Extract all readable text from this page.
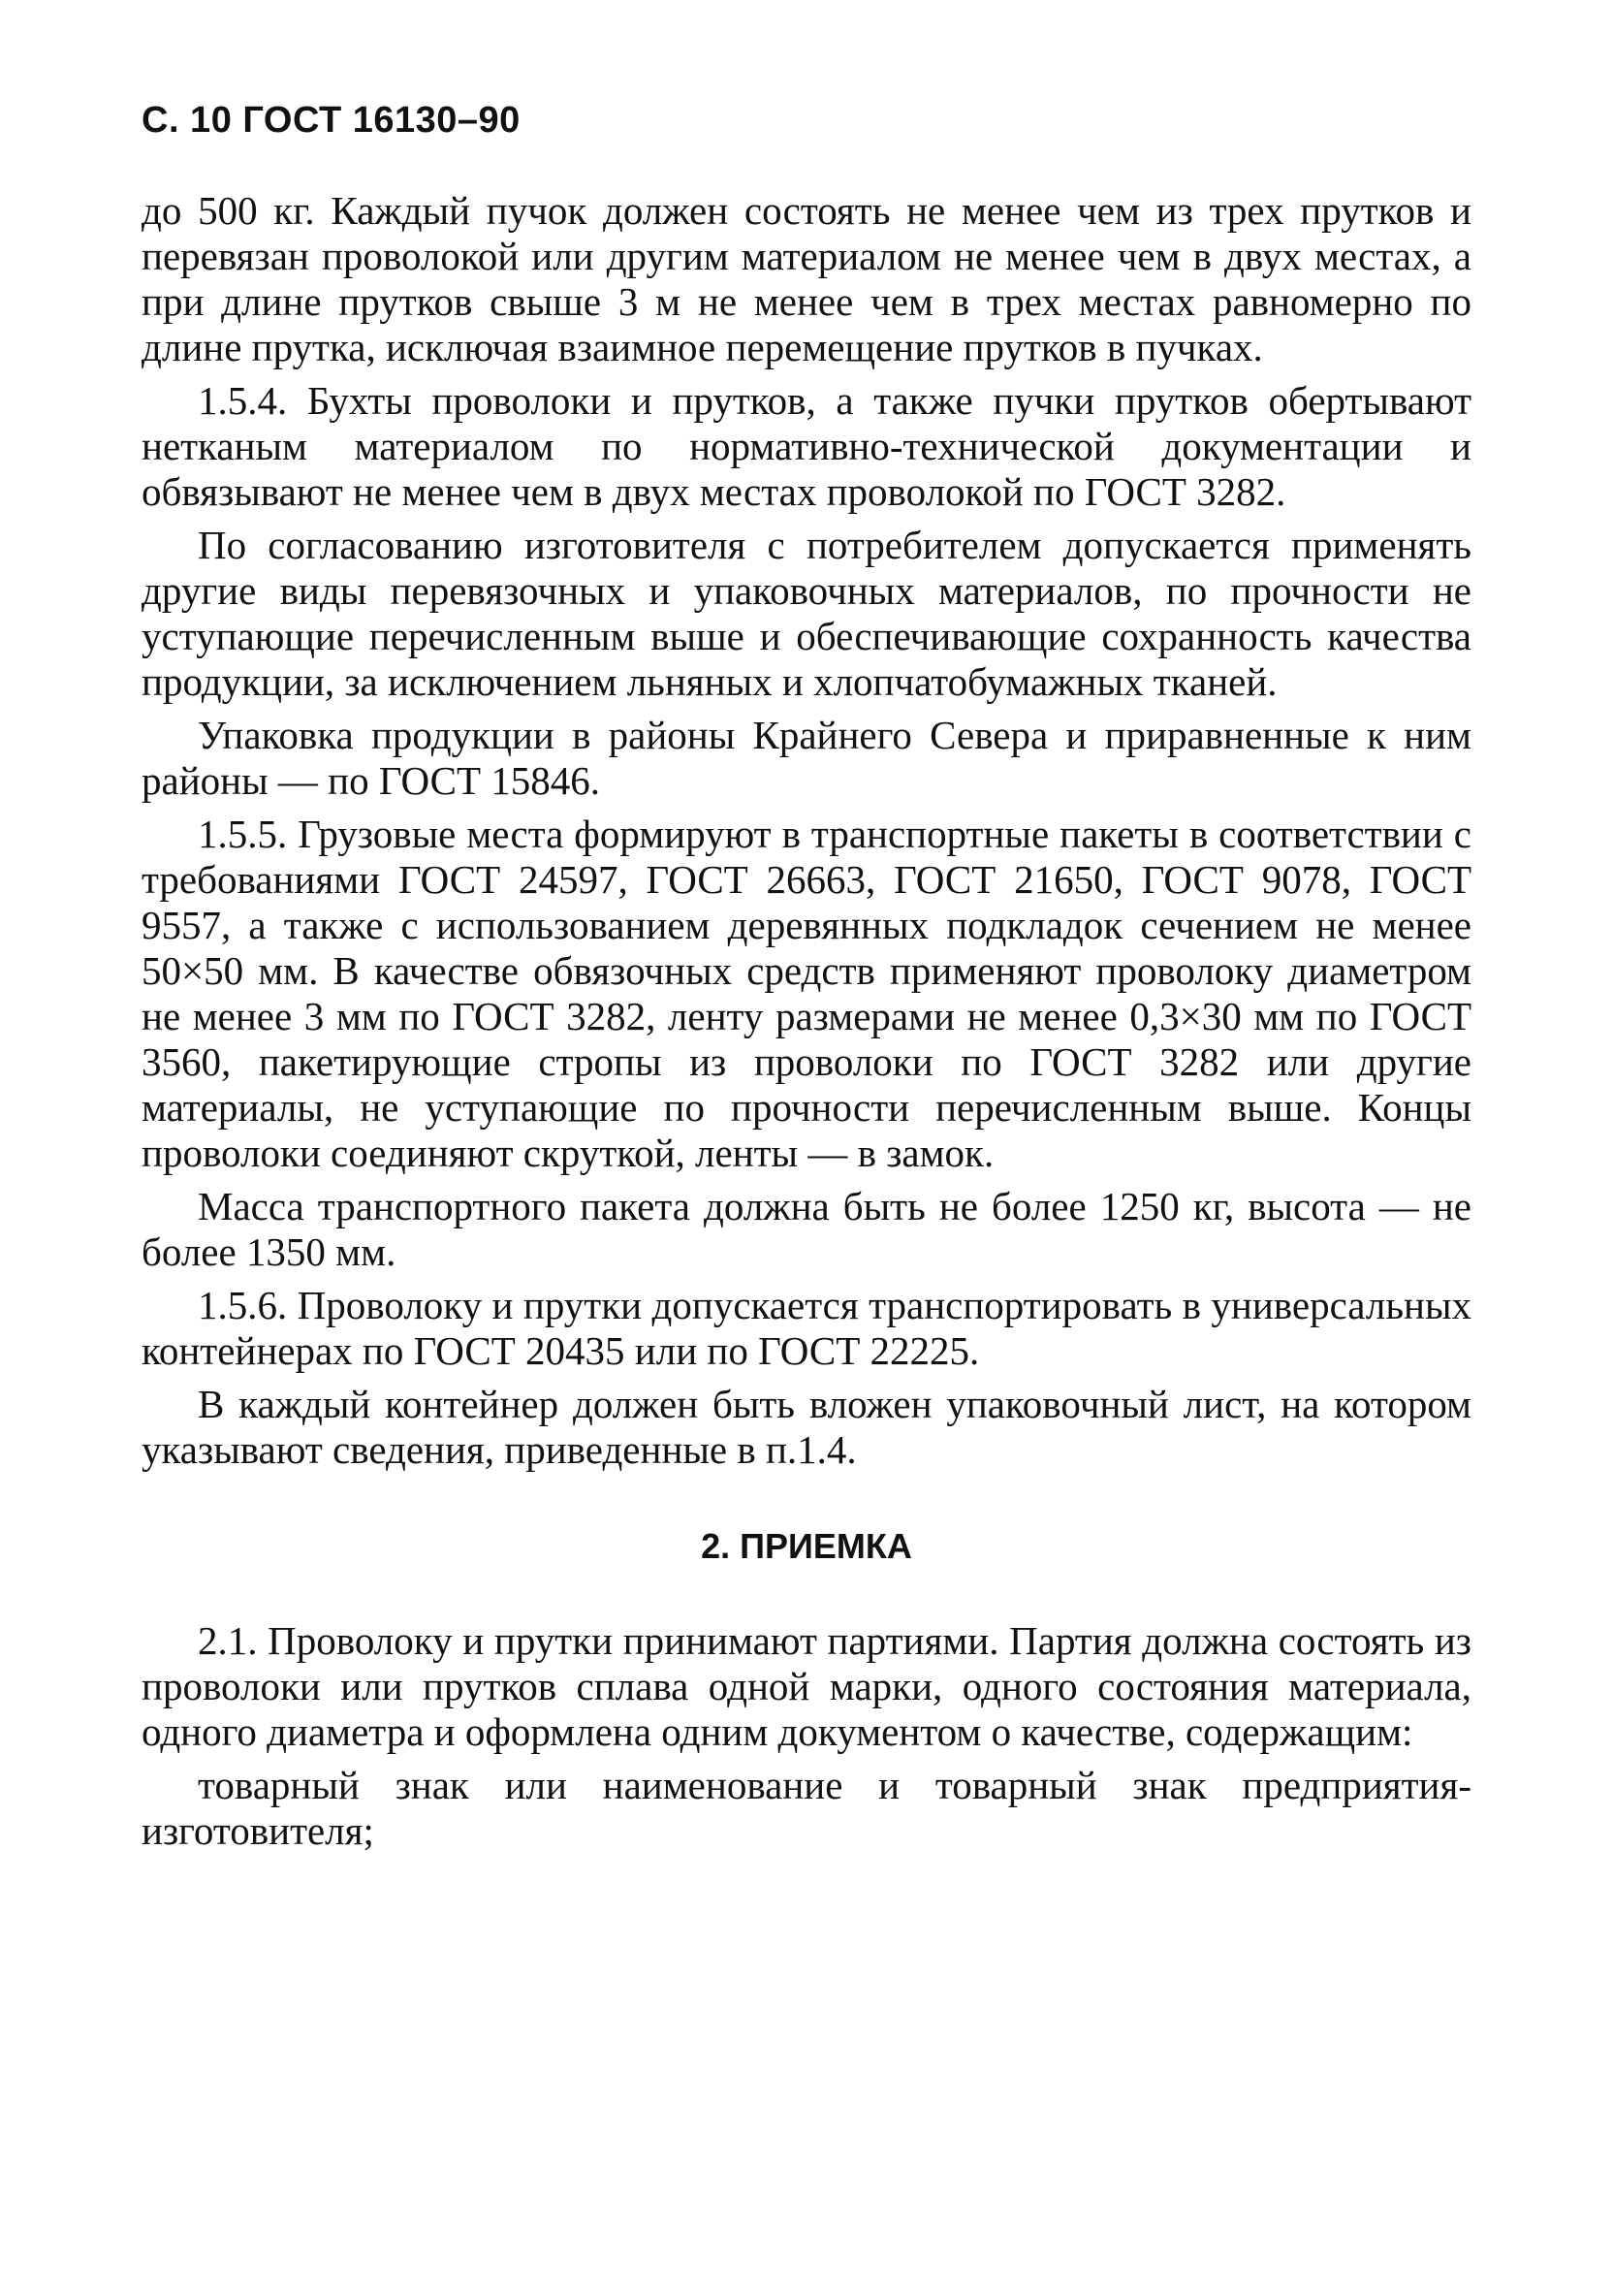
С. 10 ГОСТ 16130–90

до 500 кг. Каждый пучок должен состоять не менее чем из трех прутков и перевязан проволокой или другим материалом не менее чем в двух местах, а при длине прутков свыше 3 м не менее чем в трех местах равномерно по длине прутка, исключая взаимное перемещение прутков в пучках.

1.5.4. Бухты проволоки и прутков, а также пучки прутков обертывают нетканым материалом по нормативно-технической документации и обвязывают не менее чем в двух местах проволокой по ГОСТ 3282.

По согласованию изготовителя с потребителем допускается применять другие виды перевязочных и упаковочных материалов, по прочности не уступающие перечисленным выше и обеспечивающие сохранность качества продукции, за исключением льняных и хлопчатобумажных тканей.

Упаковка продукции в районы Крайнего Севера и приравненные к ним районы — по ГОСТ 15846.

1.5.5. Грузовые места формируют в транспортные пакеты в соответствии с требованиями ГОСТ 24597, ГОСТ 26663, ГОСТ 21650, ГОСТ 9078, ГОСТ 9557, а также с использованием деревянных подкладок сечением не менее 50×50 мм. В качестве обвязочных средств применяют проволоку диаметром не менее 3 мм по ГОСТ 3282, ленту размерами не менее 0,3×30 мм по ГОСТ 3560, пакетирующие стропы из проволоки по ГОСТ 3282 или другие материалы, не уступающие по прочности перечисленным выше. Концы проволоки соединяют скруткой, ленты — в замок.

Масса транспортного пакета должна быть не более 1250 кг, высота — не более 1350 мм.

1.5.6. Проволоку и прутки допускается транспортировать в универсальных контейнерах по ГОСТ 20435 или по ГОСТ 22225.

В каждый контейнер должен быть вложен упаковочный лист, на котором указывают сведения, приведенные в п.1.4.

2. ПРИЕМКА

2.1. Проволоку и прутки принимают партиями. Партия должна состоять из проволоки или прутков сплава одной марки, одного состояния материала, одного диаметра и оформлена одним документом о качестве, содержащим:

товарный знак или наименование и товарный знак предприятия-изготовителя;
